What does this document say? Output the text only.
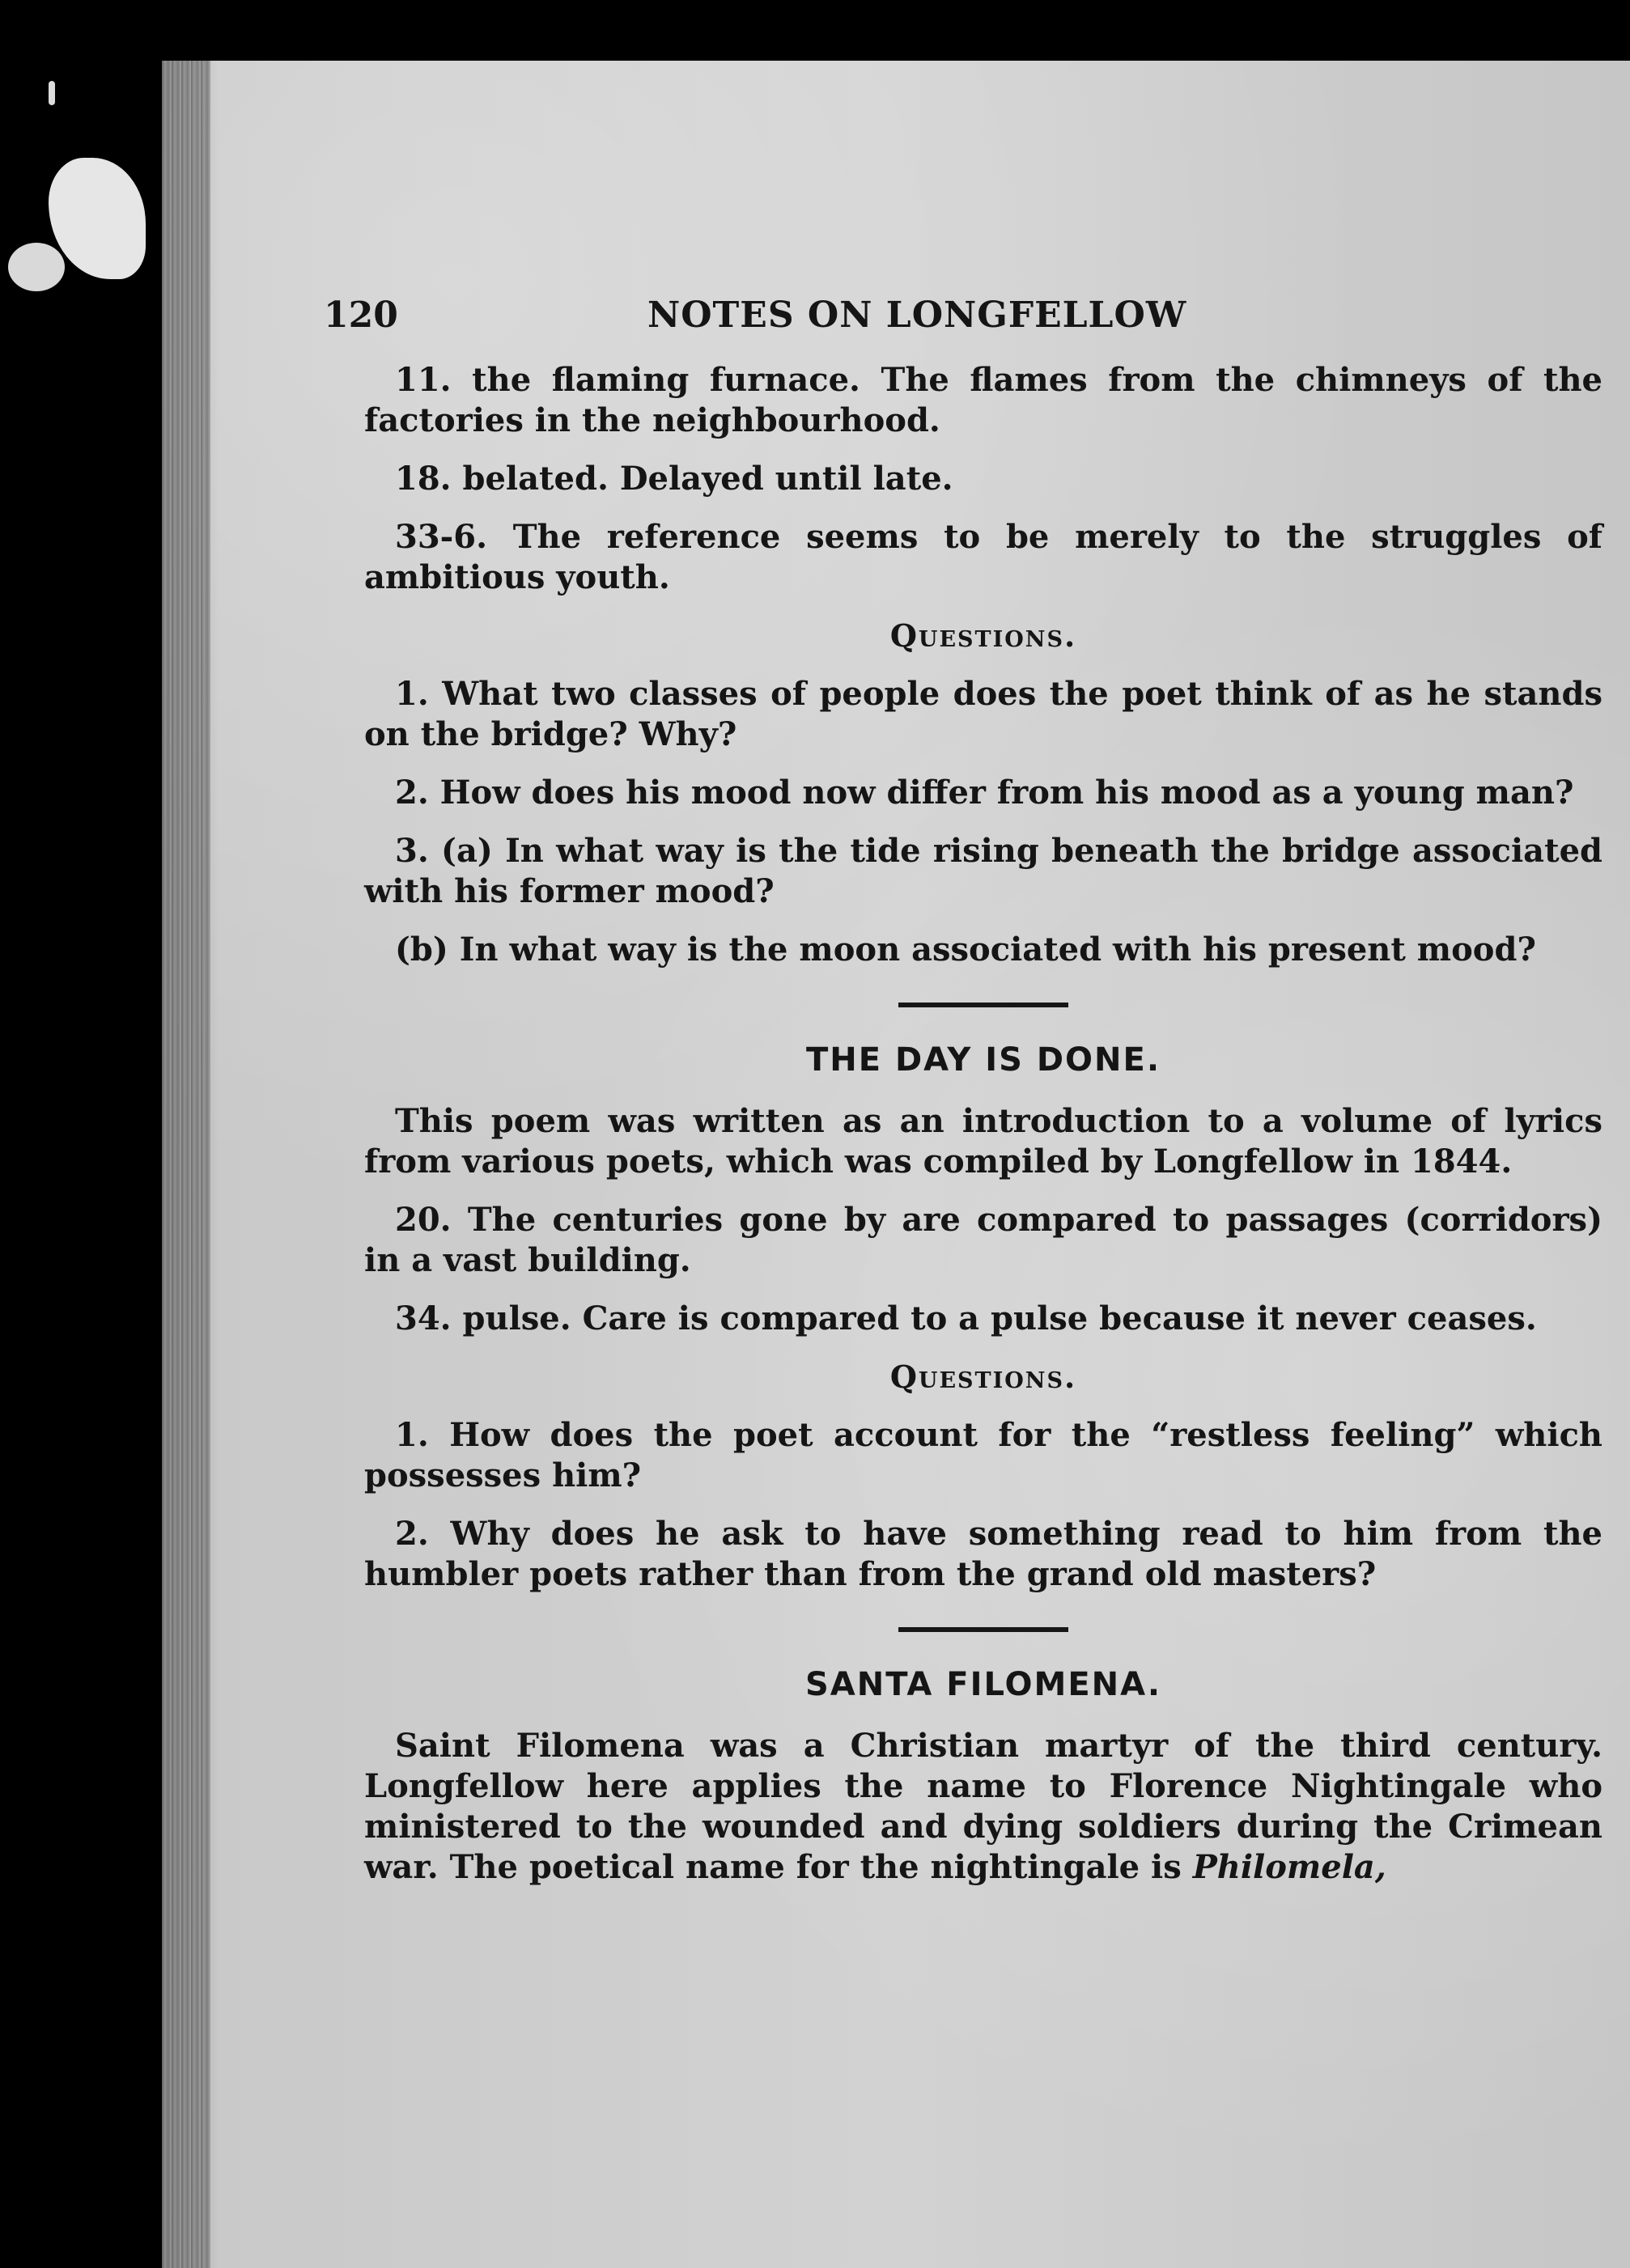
120	NOTES ON LONGFELLOW

11. the flaming furnace. The flames from the chimneys of the factories in the neighbourhood.

18. belated. Delayed until late.

33-6. The reference seems to be merely to the struggles of ambitious youth.

Questions.

1. What two classes of people does the poet think of as he stands on the bridge? Why?

2. How does his mood now differ from his mood as a young man?

3. (a) In what way is the tide rising beneath the bridge associated with his former mood?

(b) In what way is the moon associated with his present mood?

THE DAY IS DONE.

This poem was written as an introduction to a volume of lyrics from various poets, which was compiled by Longfellow in 1844.

20. The centuries gone by are compared to passages (corridors) in a vast building.

34. pulse. Care is compared to a pulse because it never ceases.

Questions.

1. How does the poet account for the “restless feeling” which possesses him?

2. Why does he ask to have something read to him from the humbler poets rather than from the grand old masters?

SANTA FILOMENA.

Saint Filomena was a Christian martyr of the third century. Longfellow here applies the name to Florence Nightingale who ministered to the wounded and dying soldiers during the Crimean war. The poetical name for the nightingale is Philomela,
